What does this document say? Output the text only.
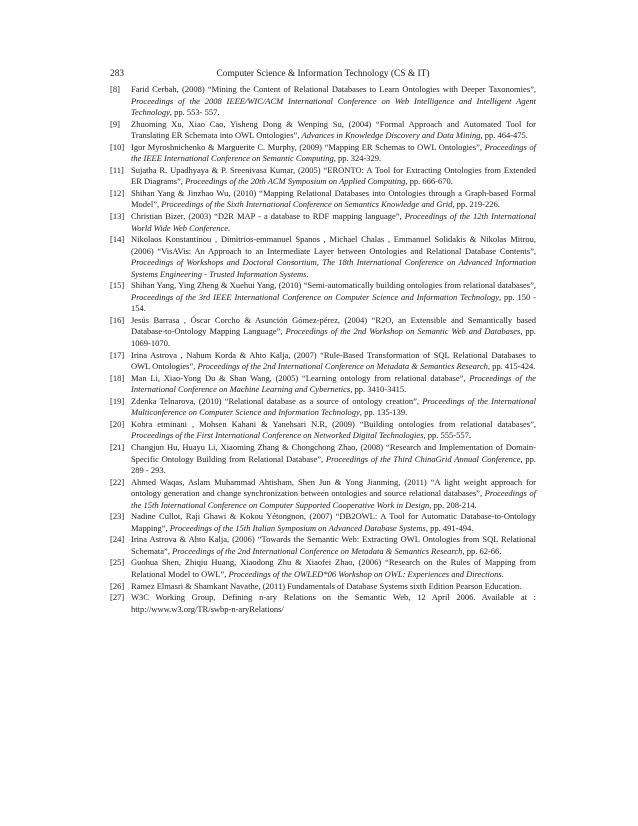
283	Computer Science & Information Technology (CS & IT)
[8] Farid Cerbah, (2008) “Mining the Content of Relational Databases to Learn Ontologies with Deeper Taxonomies”, Proceedings of the 2008 IEEE/WIC/ACM International Conference on Web Intelligence and Intelligent Agent Technology, pp. 553- 557.
[9] Zhuoming Xu, Xiao Cao, Yisheng Dong & Wenping Su, (2004) “Formal Approach and Automated Tool for Translating ER Schemata into OWL Ontologies”, Advances in Knowledge Discovery and Data Mining, pp. 464-475.
[10] Igor Myroshnichenko & Marguerite C. Murphy, (2009) “Mapping ER Schemas to OWL Ontologies”, Proceedings of the IEEE International Conference on Semantic Computing, pp. 324-329.
[11] Sujatha R. Upadhyaya & P. Sreenivasa Kumar, (2005) “ERONTO: A Tool for Extracting Ontologies from Extended ER Diagrams”, Proceedings of the 20th ACM Symposium on Applied Computing, pp. 666-670.
[12] Shihan Yang & Jinzhao Wu, (2010) “Mapping Relational Databases into Ontologies through a Graph-based Formal Model”, Proceedings of the Sixth International Conference on Semantics Knowledge and Grid, pp. 219-226.
[13] Christian Bizer, (2003) “D2R MAP - a database to RDF mapping language”, Proceedings of the 12th International World Wide Web Conference.
[14] Nikolaos Konstantinou , Dimitrios-emmanuel Spanos , Michael Chalas , Emmanuel Solidakis & Nikolas Mitrou, (2006) “VisAVis: An Approach to an Intermediate Layer between Ontologies and Relational Database Contents”, Proceedings of Workshops and Doctoral Consortium, The 18th International Conference on Advanced Information Systems Engineering - Trusted Information Systems.
[15] Shihan Yang, Ying Zheng & Xuehui Yang, (2010) “Semi-automatically building ontologies from relational databases”, Proceedings of the 3rd IEEE International Conference on Computer Science and Information Technology, pp. 150 - 154.
[16] Jesús Barrasa , Óscar Corcho & Asunción Gómez-pérez, (2004) “R2O, an Extensible and Semantically based Database-to-Ontology Mapping Language”, Proceedings of the 2nd Workshop on Semantic Web and Databases, pp. 1069-1070.
[17] Irina Astrova , Nahum Korda & Ahto Kalja, (2007) “Rule-Based Transformation of SQL Relational Databases to OWL Ontologies”, Proceedings of the 2nd International Conference on Metadata & Semantics Research, pp. 415-424.
[18] Man Li, Xiao-Yong Du & Shan Wang, (2005) “Learning ontology from relational database”, Proceedings of the International Conference on Machine Learning and Cybernetics, pp. 3410-3415.
[19] Zdenka Telnarova, (2010) “Relational database as a source of ontology creation”, Proceedings of the International Multiconference on Computer Science and Information Technology, pp. 135-139.
[20] Kobra etminani , Mohsen Kahani & Yanehsari N.R, (2009) “Building ontologies from relational databases”, Proceedings of the First International Conference on Networked Digital Technologies, pp. 555-557.
[21] Changjun Hu, Huayu Li, Xiaoming Zhang & Chongchong Zhao, (2008) “Research and Implementation of Domain-Specific Ontology Building from Relational Database”, Proceedings of the Third ChinaGrid Annual Conference, pp. 289 - 293.
[22] Ahmed Waqas, Aslam Muhammad Ahtisham, Shen Jun & Yong Jianming, (2011) “A light weight approach for ontology generation and change synchronization between ontologies and source relational databases”, Proceedings of the 15th International Conference on Computer Supported Cooperative Work in Design, pp. 208-214.
[23] Nadine Cullot, Raji Ghawi & Kokou Yétongnon, (2007) “DB2OWL: A Tool for Automatic Database-to-Ontology Mapping”, Proceedings of the 15th Italian Symposium on Advanced Database Systems, pp. 491-494.
[24] Irina Astrova & Ahto Kalja, (2006) “Towards the Semantic Web: Extracting OWL Ontologies from SQL Relational Schemata”, Proceedings of the 2nd International Conference on Metadata & Semantics Research, pp. 62-66.
[25] Guohua Shen, Zhiqiu Huang, Xiaodong Zhu & Xiaofei Zhao, (2006) “Research on the Rules of Mapping from Relational Model to OWL”, Proceedings of the OWLED*06 Workshop on OWL: Experiences and Directions.
[26] Ramez Elmasri & Shamkant Navathe, (2011) Fundamentals of Database Systems sixth Edition Pearson Education.
[27] W3C Working Group, Defining n-ary Relations on the Semantic Web, 12 April 2006. Available at : http://www.w3.org/TR/swbp-n-aryRelations/
